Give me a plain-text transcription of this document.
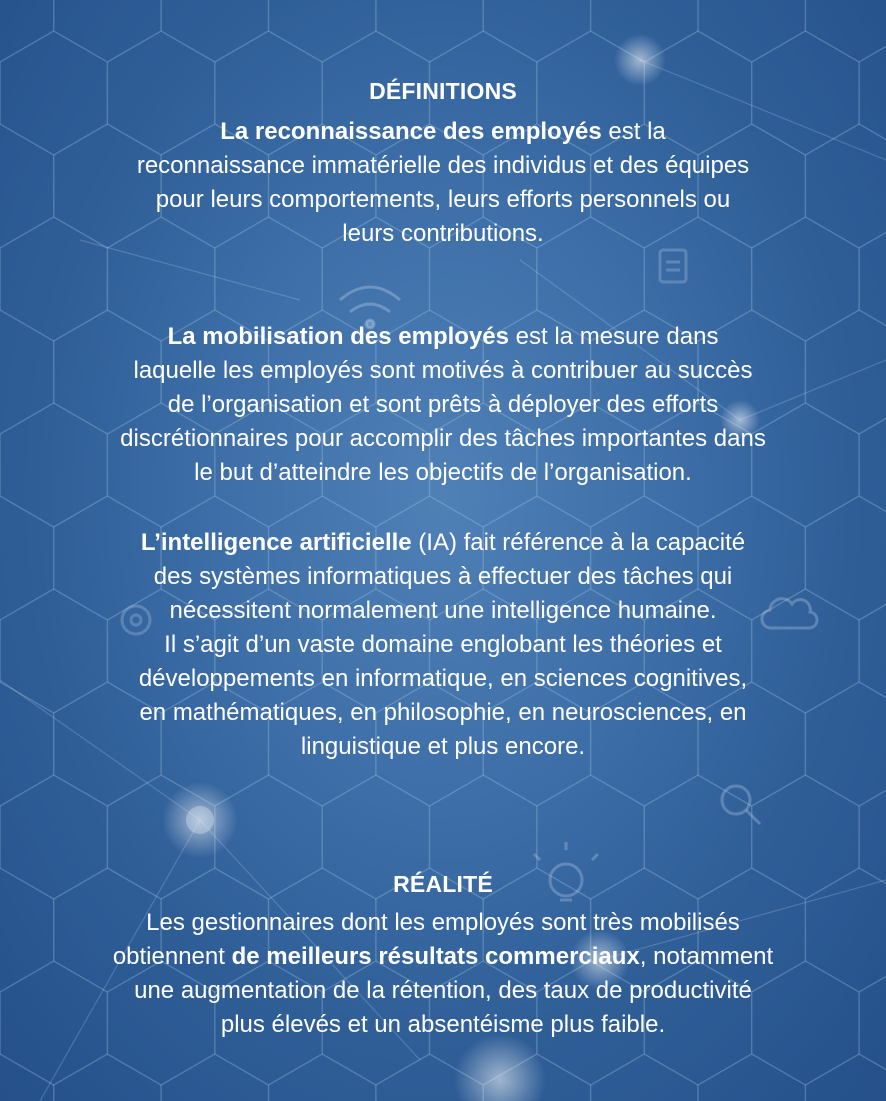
DÉFINITIONS
La reconnaissance des employés est la
reconnaissance immatérielle des individus et des équipes
pour leurs comportements, leurs efforts personnels ou
leurs contributions.
La mobilisation des employés est la mesure dans
laquelle les employés sont motivés à contribuer au succès
de l’organisation et sont prêts à déployer des efforts
discrétionnaires pour accomplir des tâches importantes dans
le but d’atteindre les objectifs de l’organisation.
L’intelligence artificielle (IA) fait référence à la capacité
des systèmes informatiques à effectuer des tâches qui
nécessitent normalement une intelligence humaine.
Il s’agit d’un vaste domaine englobant les théories et
développements en informatique, en sciences cognitives,
en mathématiques, en philosophie, en neurosciences, en
linguistique et plus encore.
RÉALITÉ
Les gestionnaires dont les employés sont très mobilisés
obtiennent de meilleurs résultats commerciaux, notamment
une augmentation de la rétention, des taux de productivité
plus élevés et un absentéisme plus faible.
